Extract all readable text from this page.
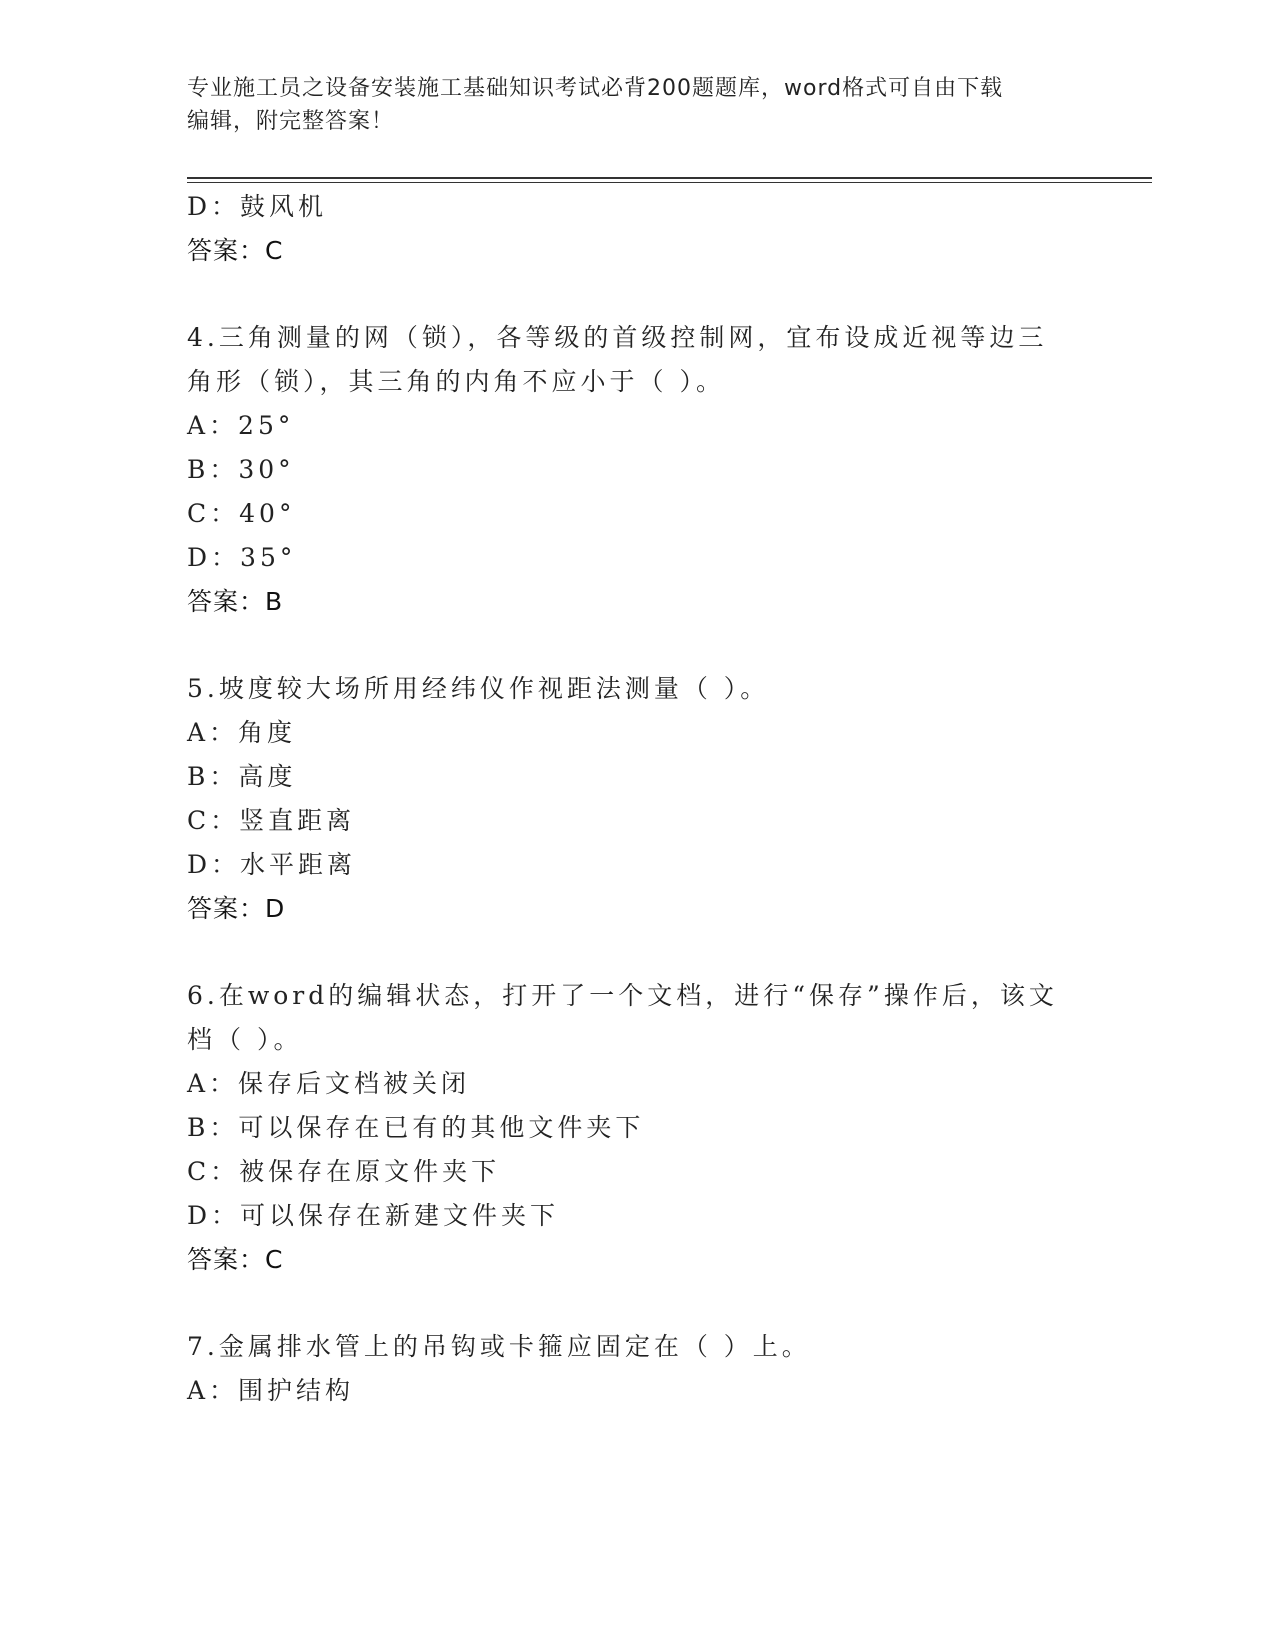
专业施工员之设备安装施工基础知识考试必背200题题库，word格式可自由下载
编辑，附完整答案！
D：鼓风机
答案：C
4.三角测量的网（锁），各等级的首级控制网，宜布设成近视等边三
角形（锁），其三角的内角不应小于（ ）。
A：25°
B：30°
C：40°
D：35°
答案：B
5.坡度较大场所用经纬仪作视距法测量（ ）。
A：角度
B：高度
C：竖直距离
D：水平距离
答案：D
6.在word的编辑状态，打开了一个文档，进行“保存”操作后，该文
档（ ）。
A：保存后文档被关闭
B：可以保存在已有的其他文件夹下
C：被保存在原文件夹下
D：可以保存在新建文件夹下
答案：C
7.金属排水管上的吊钩或卡箍应固定在（ ）上。
A：围护结构
